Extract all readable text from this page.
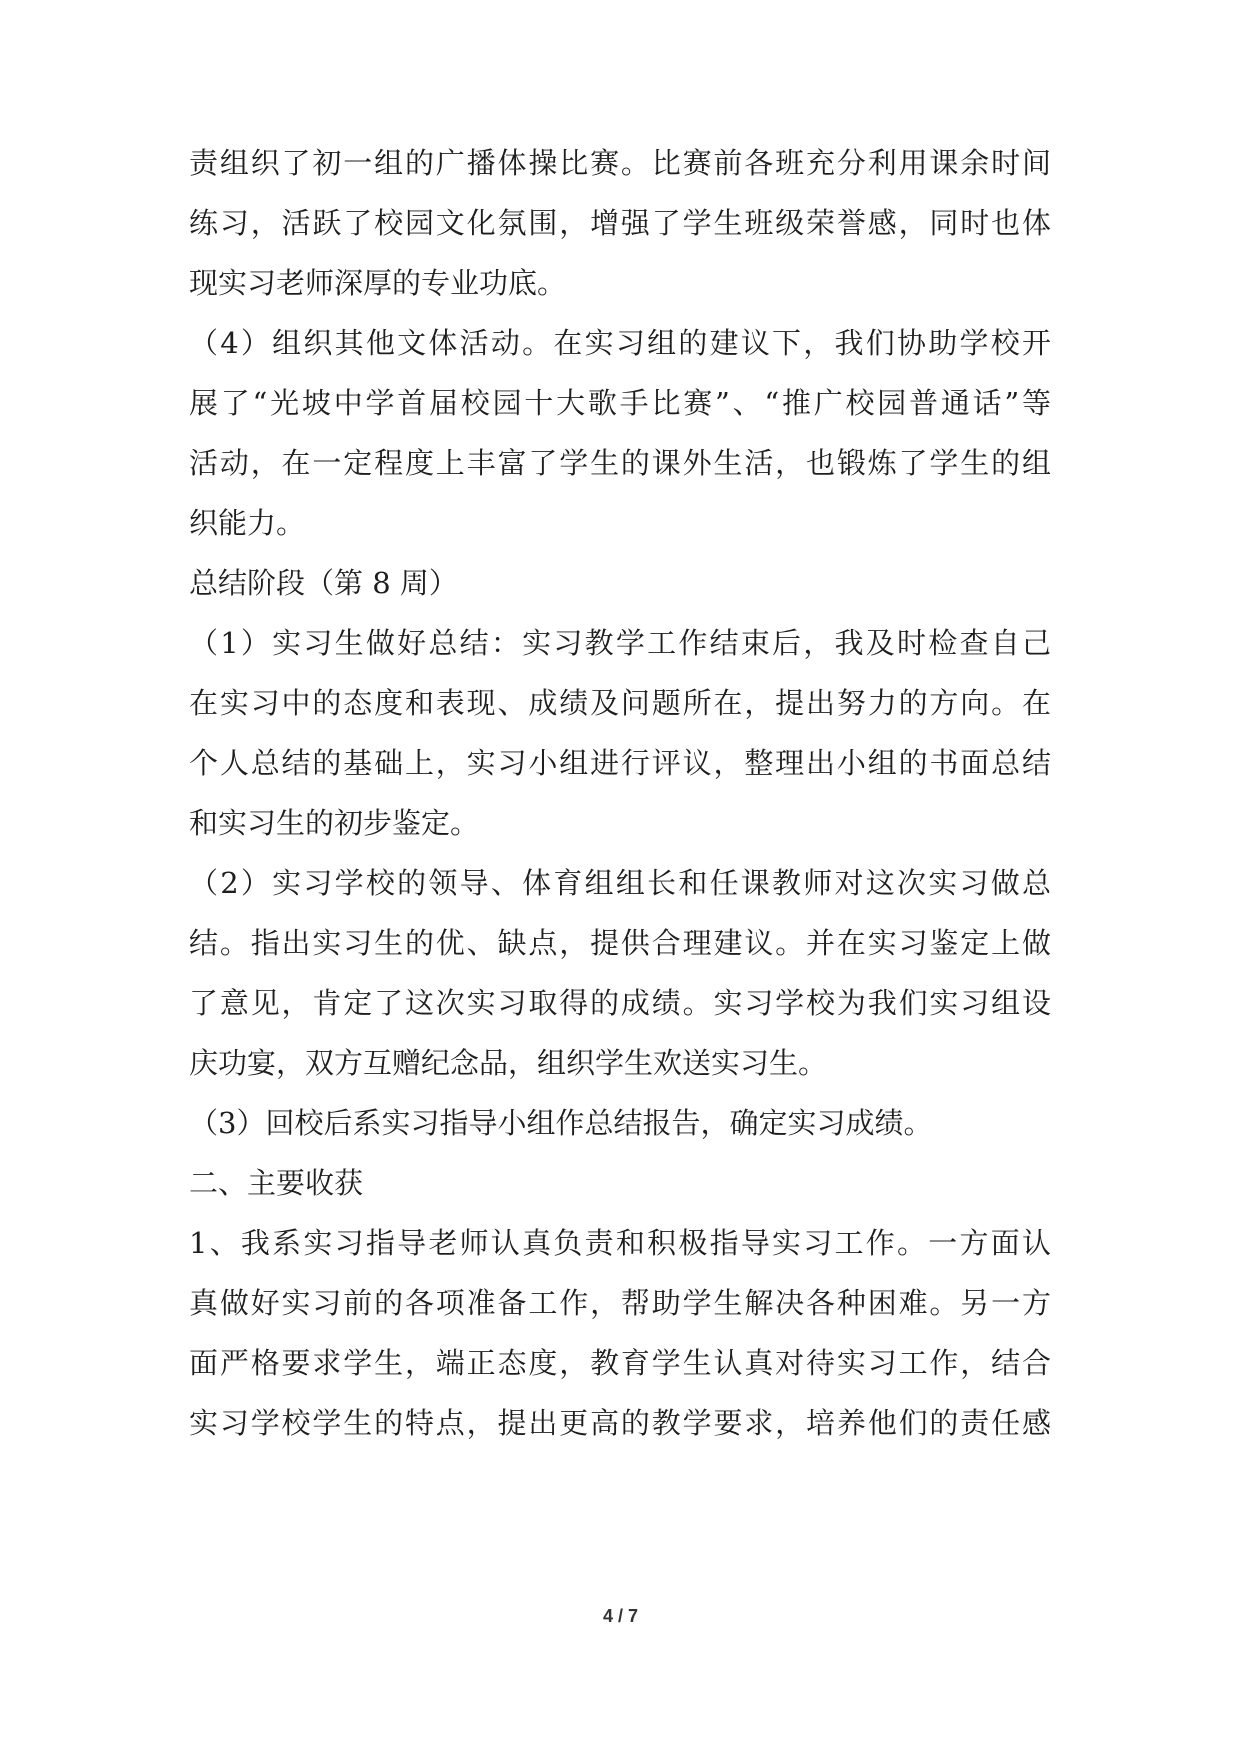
责组织了初一组的广播体操比赛。比赛前各班充分利用课余时间
练习，活跃了校园文化氛围，增强了学生班级荣誉感，同时也体
现实习老师深厚的专业功底。
（4）组织其他文体活动。在实习组的建议下，我们协助学校开
展了“光坡中学首届校园十大歌手比赛”、“推广校园普通话”等
活动，在一定程度上丰富了学生的课外生活，也锻炼了学生的组
织能力。
总结阶段（第 8 周）
（1）实习生做好总结：实习教学工作结束后，我及时检查自己
在实习中的态度和表现、成绩及问题所在，提出努力的方向。在
个人总结的基础上，实习小组进行评议，整理出小组的书面总结
和实习生的初步鉴定。
（2）实习学校的领导、体育组组长和任课教师对这次实习做总
结。指出实习生的优、缺点，提供合理建议。并在实习鉴定上做
了意见，肯定了这次实习取得的成绩。实习学校为我们实习组设
庆功宴，双方互赠纪念品，组织学生欢送实习生。
（3）回校后系实习指导小组作总结报告，确定实习成绩。
二、主要收获
1、我系实习指导老师认真负责和积极指导实习工作。一方面认
真做好实习前的各项准备工作，帮助学生解决各种困难。另一方
面严格要求学生，端正态度，教育学生认真对待实习工作，结合
实习学校学生的特点，提出更高的教学要求，培养他们的责任感
4 / 7
